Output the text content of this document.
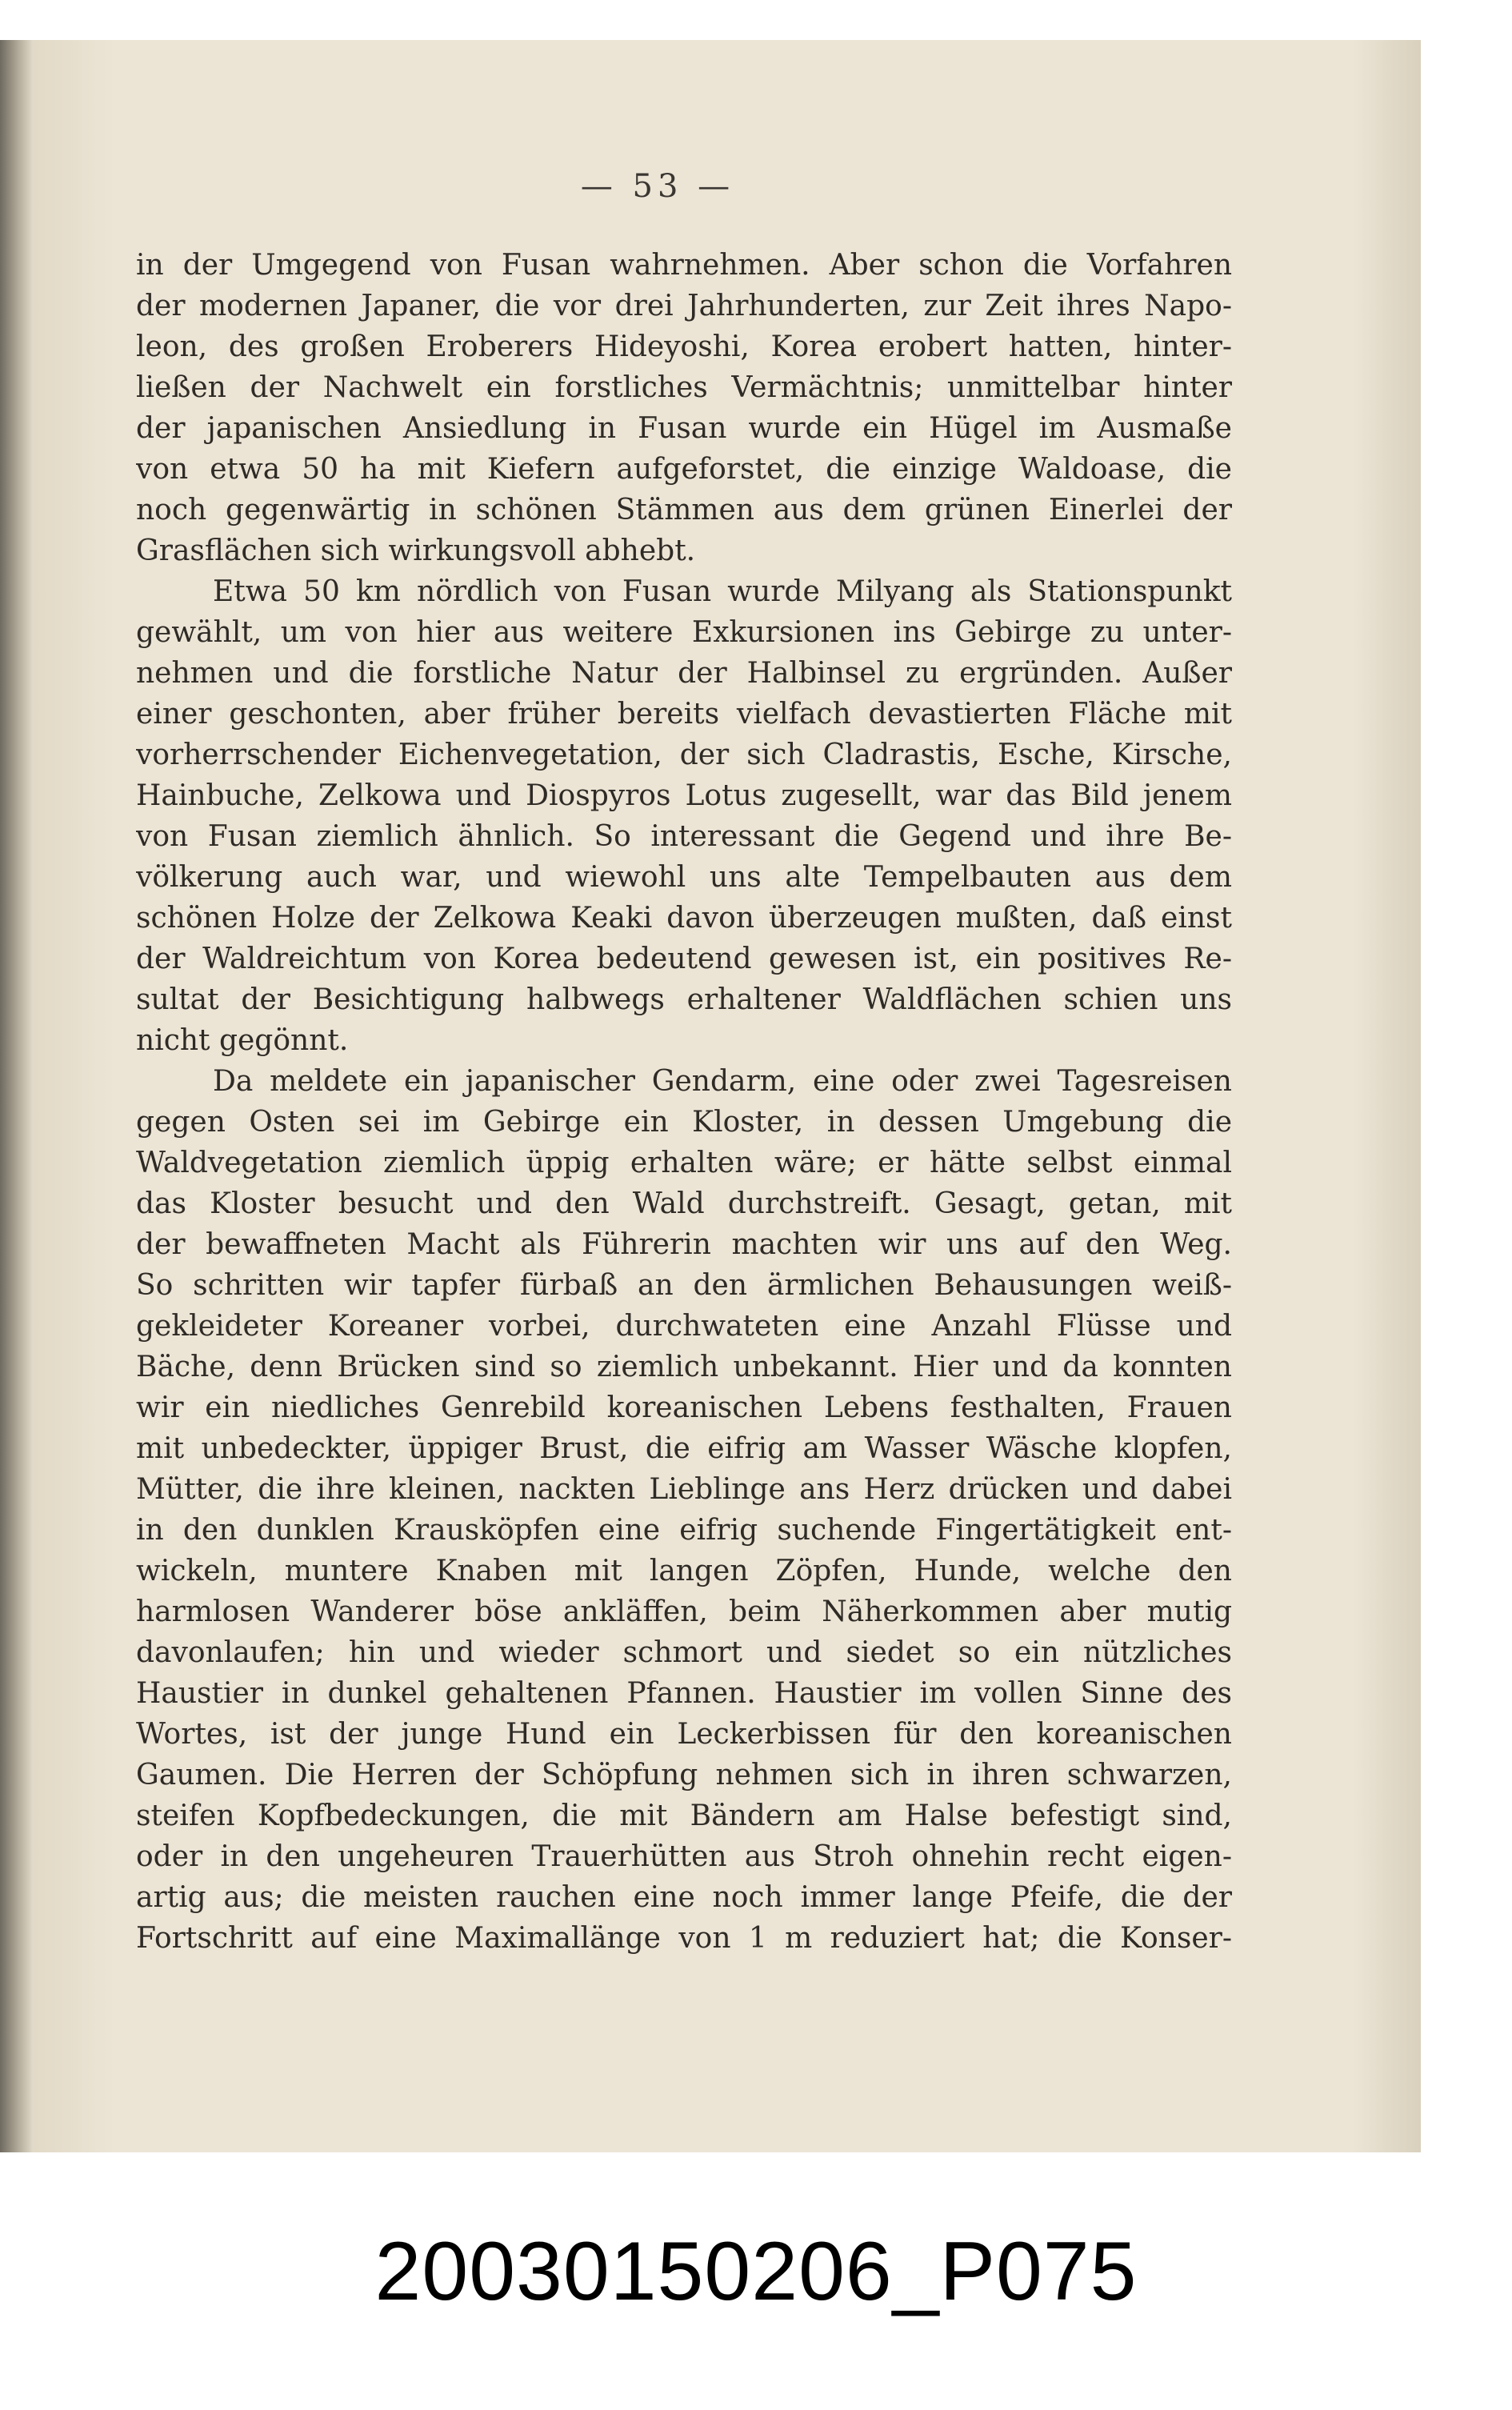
— 53 —
in der Umgegend von Fusan wahrnehmen. Aber schon die Vorfahren
der modernen Japaner, die vor drei Jahrhunderten, zur Zeit ihres Napo-
leon, des großen Eroberers Hideyoshi, Korea erobert hatten, hinter-
ließen der Nachwelt ein forstliches Vermächtnis; unmittelbar hinter
der japanischen Ansiedlung in Fusan wurde ein Hügel im Ausmaße
von etwa 50 ha mit Kiefern aufgeforstet, die einzige Waldoase, die
noch gegenwärtig in schönen Stämmen aus dem grünen Einerlei der
Grasflächen sich wirkungsvoll abhebt.
Etwa 50 km nördlich von Fusan wurde Milyang als Stationspunkt
gewählt, um von hier aus weitere Exkursionen ins Gebirge zu unter-
nehmen und die forstliche Natur der Halbinsel zu ergründen. Außer
einer geschonten, aber früher bereits vielfach devastierten Fläche mit
vorherrschender Eichenvegetation, der sich Cladrastis, Esche, Kirsche,
Hainbuche, Zelkowa und Diospyros Lotus zugesellt, war das Bild jenem
von Fusan ziemlich ähnlich. So interessant die Gegend und ihre Be-
völkerung auch war, und wiewohl uns alte Tempelbauten aus dem
schönen Holze der Zelkowa Keaki davon überzeugen mußten, daß einst
der Waldreichtum von Korea bedeutend gewesen ist, ein positives Re-
sultat der Besichtigung halbwegs erhaltener Waldflächen schien uns
nicht gegönnt.
Da meldete ein japanischer Gendarm, eine oder zwei Tagesreisen
gegen Osten sei im Gebirge ein Kloster, in dessen Umgebung die
Waldvegetation ziemlich üppig erhalten wäre; er hätte selbst einmal
das Kloster besucht und den Wald durchstreift. Gesagt, getan, mit
der bewaffneten Macht als Führerin machten wir uns auf den Weg.
So schritten wir tapfer fürbaß an den ärmlichen Behausungen weiß-
gekleideter Koreaner vorbei, durchwateten eine Anzahl Flüsse und
Bäche, denn Brücken sind so ziemlich unbekannt. Hier und da konnten
wir ein niedliches Genrebild koreanischen Lebens festhalten, Frauen
mit unbedeckter, üppiger Brust, die eifrig am Wasser Wäsche klopfen,
Mütter, die ihre kleinen, nackten Lieblinge ans Herz drücken und dabei
in den dunklen Krausköpfen eine eifrig suchende Fingertätigkeit ent-
wickeln, muntere Knaben mit langen Zöpfen, Hunde, welche den
harmlosen Wanderer böse ankläffen, beim Näherkommen aber mutig
davonlaufen; hin und wieder schmort und siedet so ein nützliches
Haustier in dunkel gehaltenen Pfannen. Haustier im vollen Sinne des
Wortes, ist der junge Hund ein Leckerbissen für den koreanischen
Gaumen. Die Herren der Schöpfung nehmen sich in ihren schwarzen,
steifen Kopfbedeckungen, die mit Bändern am Halse befestigt sind,
oder in den ungeheuren Trauerhütten aus Stroh ohnehin recht eigen-
artig aus; die meisten rauchen eine noch immer lange Pfeife, die der
Fortschritt auf eine Maximallänge von 1 m reduziert hat; die Konser-
20030150206_P075
